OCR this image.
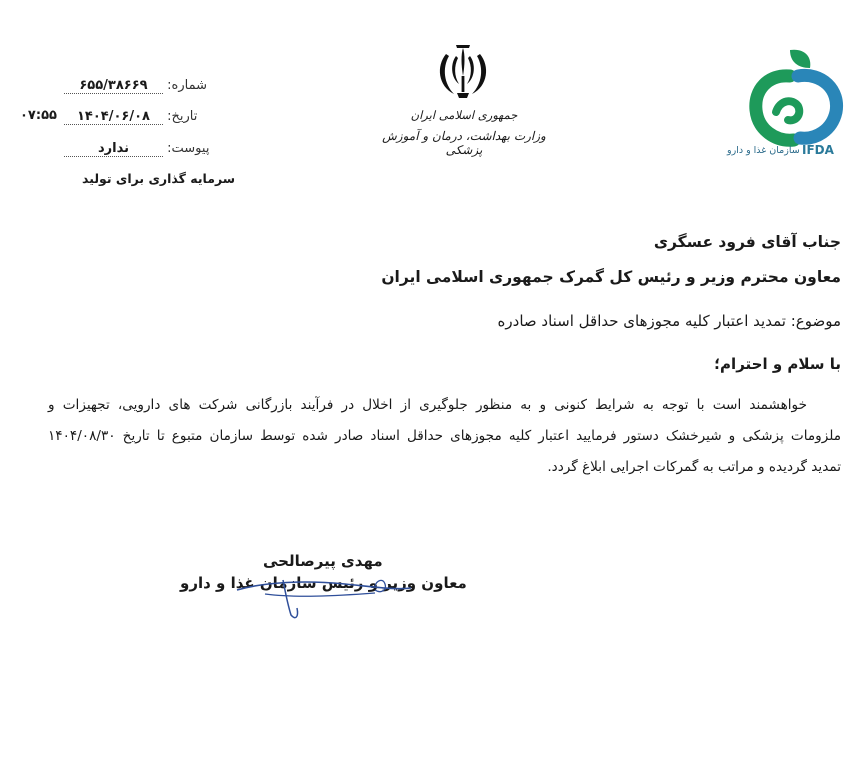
شماره: ۶۵۵/۳۸۶۶۹
تاریخ: ۱۴۰۴/۰۶/۰۸
۰۷:۵۵
پیوست: ندارد
سرمایه گذاری برای تولید
جمهوری اسلامی ایران
وزارت بهداشت، درمان و آموزش پزشکی	سازمان غذا و دارو IFDA
جناب آقای فرود عسگری
معاون محترم وزیر و رئیس کل گمرک جمهوری اسلامی ایران
موضوع: تمدید اعتبار کلیه مجوزهای حداقل اسناد صادره
با سلام و احترام؛
خواهشمند است با توجه به شرایط کنونی و به منظور جلوگیری از اخلال در فرآیند بازرگانی شرکت های دارویی، تجهیزات و
ملزومات پزشکی و شیرخشک دستور فرمایید اعتبار کلیه مجوزهای حداقل اسناد صادر شده توسط سازمان متبوع تا تاریخ ۱۴۰۴/۰۸/۳۰
تمدید گردیده و مراتب به گمرکات اجرایی ابلاغ گردد.
مهدی پیرصالحی
معاون وزیر و رئیس سازمان غذا و دارو
